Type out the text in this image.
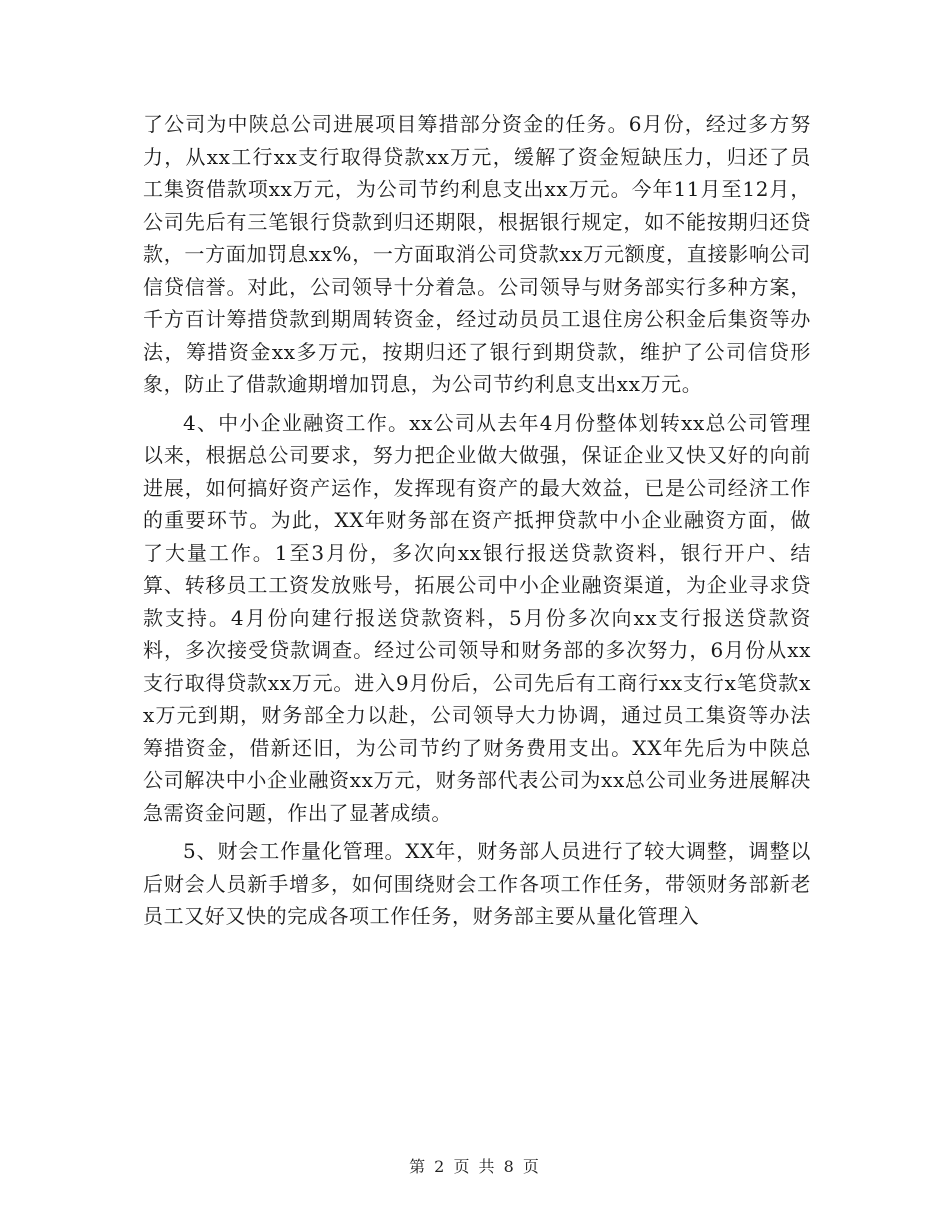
了公司为中陕总公司进展项目筹措部分资金的任务。6月份，经过多方努力，从xx工行xx支行取得贷款xx万元，缓解了资金短缺压力，归还了员工集资借款项xx万元，为公司节约利息支出xx万元。今年11月至12月，公司先后有三笔银行贷款到归还期限，根据银行规定，如不能按期归还贷款，一方面加罚息xx%，一方面取消公司贷款xx万元额度，直接影响公司信贷信誉。对此，公司领导十分着急。公司领导与财务部实行多种方案，千方百计筹措贷款到期周转资金，经过动员员工退住房公积金后集资等办法，筹措资金xx多万元，按期归还了银行到期贷款，维护了公司信贷形象，防止了借款逾期增加罚息，为公司节约利息支出xx万元。

4、中小企业融资工作。xx公司从去年4月份整体划转xx总公司管理以来，根据总公司要求，努力把企业做大做强，保证企业又快又好的向前进展，如何搞好资产运作，发挥现有资产的最大效益，已是公司经济工作的重要环节。为此，XX年财务部在资产抵押贷款中小企业融资方面，做了大量工作。1至3月份，多次向xx银行报送贷款资料，银行开户、结算、转移员工工资发放账号，拓展公司中小企业融资渠道，为企业寻求贷款支持。4月份向建行报送贷款资料，5月份多次向xx支行报送贷款资料，多次接受贷款调查。经过公司领导和财务部的多次努力，6月份从xx支行取得贷款xx万元。进入9月份后，公司先后有工商行xx支行x笔贷款xx万元到期，财务部全力以赴，公司领导大力协调，通过员工集资等办法筹措资金，借新还旧，为公司节约了财务费用支出。XX年先后为中陕总公司解决中小企业融资xx万元，财务部代表公司为xx总公司业务进展解决急需资金问题，作出了显著成绩。

5、财会工作量化管理。XX年，财务部人员进行了较大调整，调整以后财会人员新手增多，如何围绕财会工作各项工作任务，带领财务部新老员工又好又快的完成各项工作任务，财务部主要从量化管理入

第 2 页 共 8 页
